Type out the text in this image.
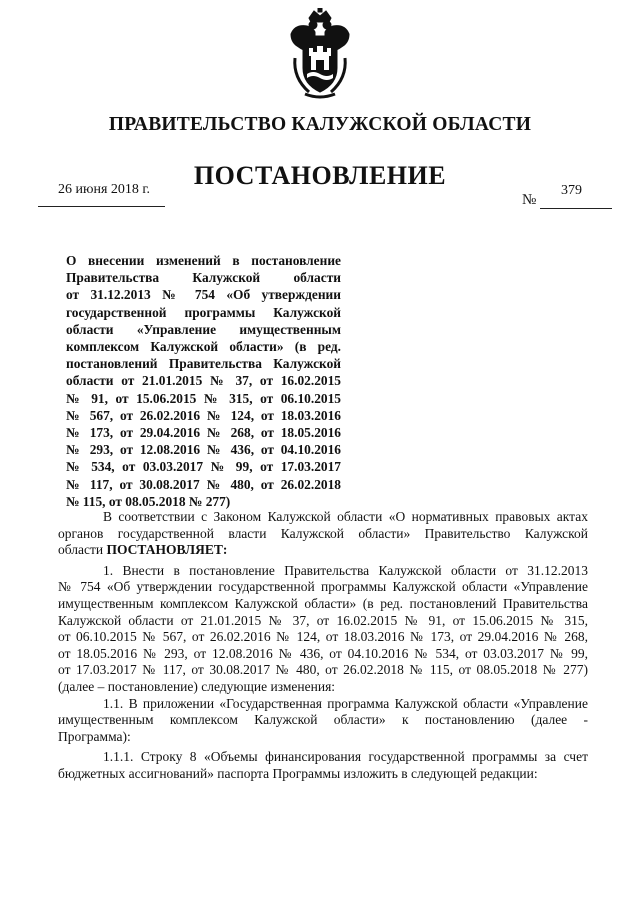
ПРАВИТЕЛЬСТВО КАЛУЖСКОЙ ОБЛАСТИ
ПОСТАНОВЛЕНИЕ
26 июня 2018 г.
№
379
О внесении изменений в постановление
Правительства Калужской области
от 31.12.2013 № 754 «Об утверждении
государственной программы Калужской
области «Управление имущественным
комплексом Калужской области» (в ред.
постановлений Правительства Калужской
области от 21.01.2015 № 37, от 16.02.2015
№ 91, от 15.06.2015 № 315, от 06.10.2015
№ 567, от 26.02.2016 № 124, от 18.03.2016
№ 173, от 29.04.2016 № 268, от 18.05.2016
№ 293, от 12.08.2016 № 436, от 04.10.2016
№ 534, от 03.03.2017 № 99, от 17.03.2017
№ 117, от 30.08.2017 № 480, от 26.02.2018
№ 115, от 08.05.2018 № 277)
В соответствии с Законом Калужской области «О нормативных правовых актах
органов государственной власти Калужской области» Правительство Калужской
области ПОСТАНОВЛЯЕТ:
1. Внести в постановление Правительства Калужской области от 31.12.2013
№ 754 «Об утверждении государственной программы Калужской области «Управление
имущественным комплексом Калужской области» (в ред. постановлений Правительства
Калужской области от 21.01.2015 № 37, от 16.02.2015 № 91, от 15.06.2015 № 315,
от 06.10.2015 № 567, от 26.02.2016 № 124, от 18.03.2016 № 173, от 29.04.2016 № 268,
от 18.05.2016 № 293, от 12.08.2016 № 436, от 04.10.2016 № 534, от 03.03.2017 № 99,
от 17.03.2017 № 117, от 30.08.2017 № 480, от 26.02.2018 № 115, от 08.05.2018 № 277)
(далее – постановление) следующие изменения:
1.1. В приложении «Государственная программа Калужской области «Управление
имущественным комплексом Калужской области» к постановлению (далее -
Программа):
1.1.1. Строку 8 «Объемы финансирования государственной программы за счет
бюджетных ассигнований» паспорта Программы изложить в следующей редакции:
